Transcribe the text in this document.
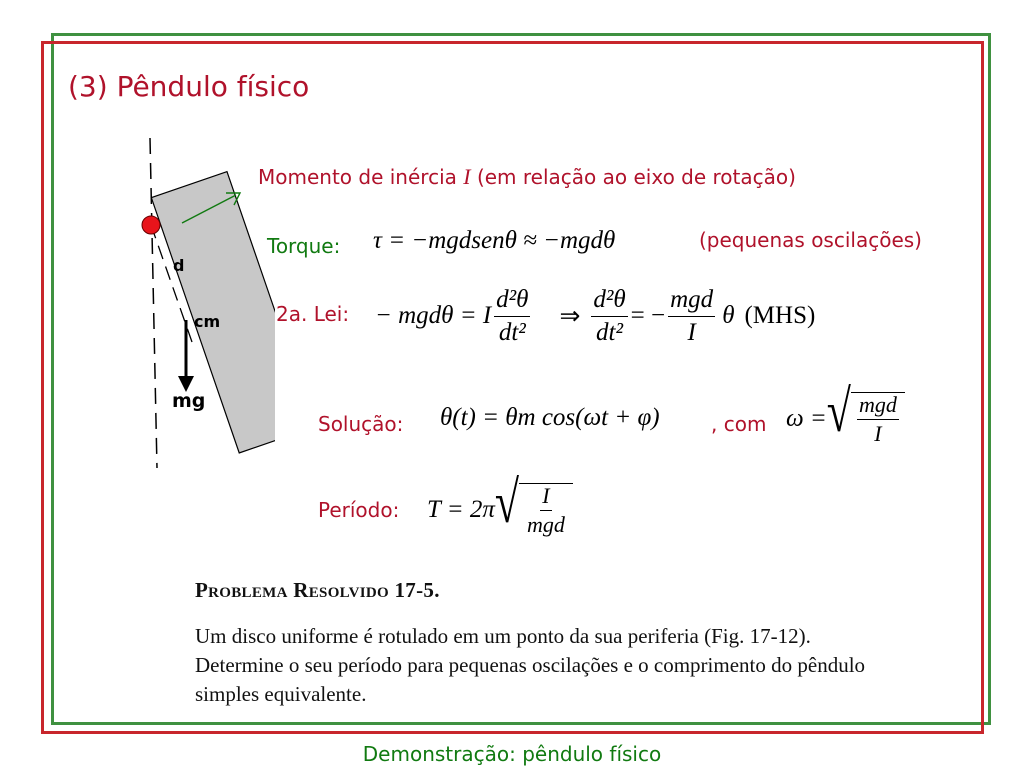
(3) Pêndulo físico
d
cm
mg
Momento de inércia I (em relação ao eixo de rotação)
Torque: τ = −mgdsenθ ≈ −mgdθ	(pequenas oscilações)
2a. Lei: − mgdθ = I $\frac{\text{d²θ}}{\text{dt²}}$ ⇒ $\frac{\text{d²θ}}{\text{dt²}}$ = − $\frac{\text{mgd}}{I}$ θ (MHS)
Solução: θ(t) = θm cos(ωt + φ)	, com ω = √ $\frac{\text{mgd}}{I}$
Período: T = 2π √ $\frac{I}{\text{mgd}}$
Problema Resolvido 17-5.
Um disco uniforme é rotulado em um ponto da sua periferia (Fig. 17-12). Determine o seu período para pequenas oscilações e o comprimento do pêndulo simples equivalente.
Demonstração: pêndulo físico
